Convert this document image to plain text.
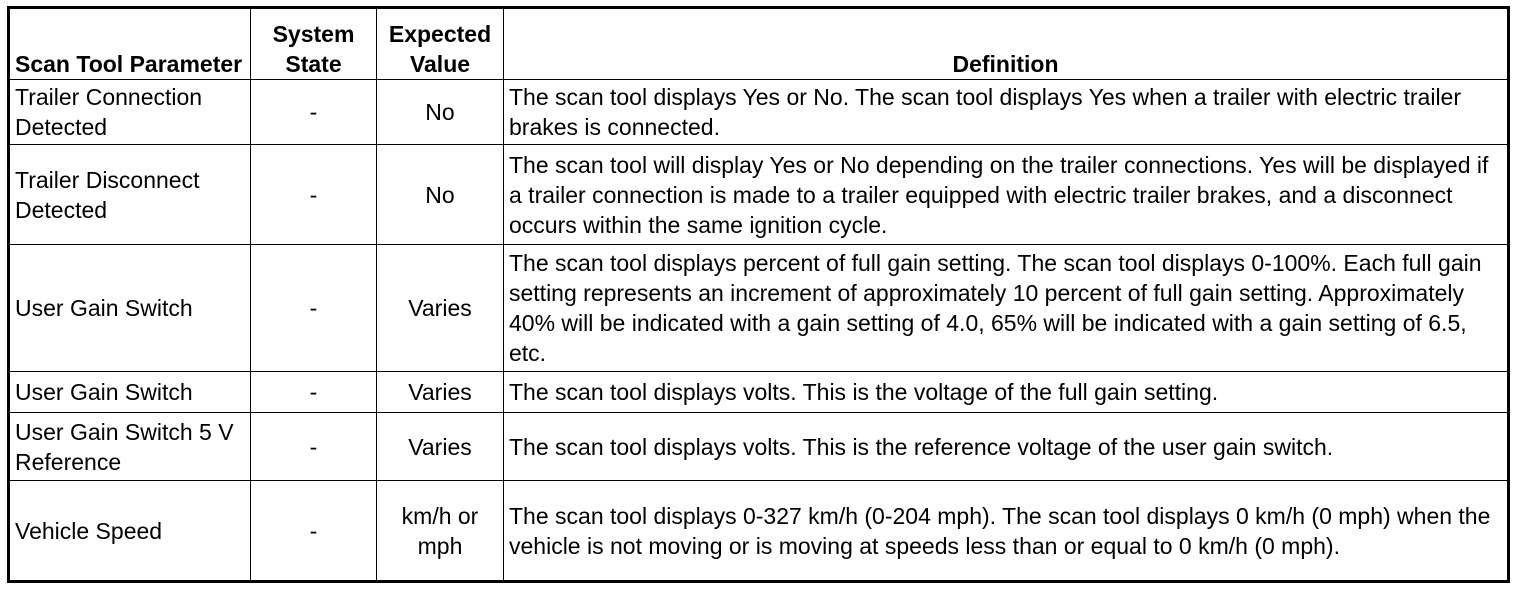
Scan Tool Parameter	System State	Expected Value	Definition
Trailer Connection Detected	-	No	The scan tool displays Yes or No. The scan tool displays Yes when a trailer with electric trailer brakes is connected.
Trailer Disconnect Detected	-	No	The scan tool will display Yes or No depending on the trailer connections. Yes will be displayed if a trailer connection is made to a trailer equipped with electric trailer brakes, and a disconnect occurs within the same ignition cycle.
User Gain Switch	-	Varies	The scan tool displays percent of full gain setting. The scan tool displays 0-100%. Each full gain setting represents an increment of approximately 10 percent of full gain setting. Approximately 40% will be indicated with a gain setting of 4.0, 65% will be indicated with a gain setting of 6.5, etc.
User Gain Switch	-	Varies	The scan tool displays volts. This is the voltage of the full gain setting.
User Gain Switch 5 V Reference	-	Varies	The scan tool displays volts. This is the reference voltage of the user gain switch.
Vehicle Speed	-	km/h or mph	The scan tool displays 0-327 km/h (0-204 mph). The scan tool displays 0 km/h (0 mph) when the vehicle is not moving or is moving at speeds less than or equal to 0 km/h (0 mph).
